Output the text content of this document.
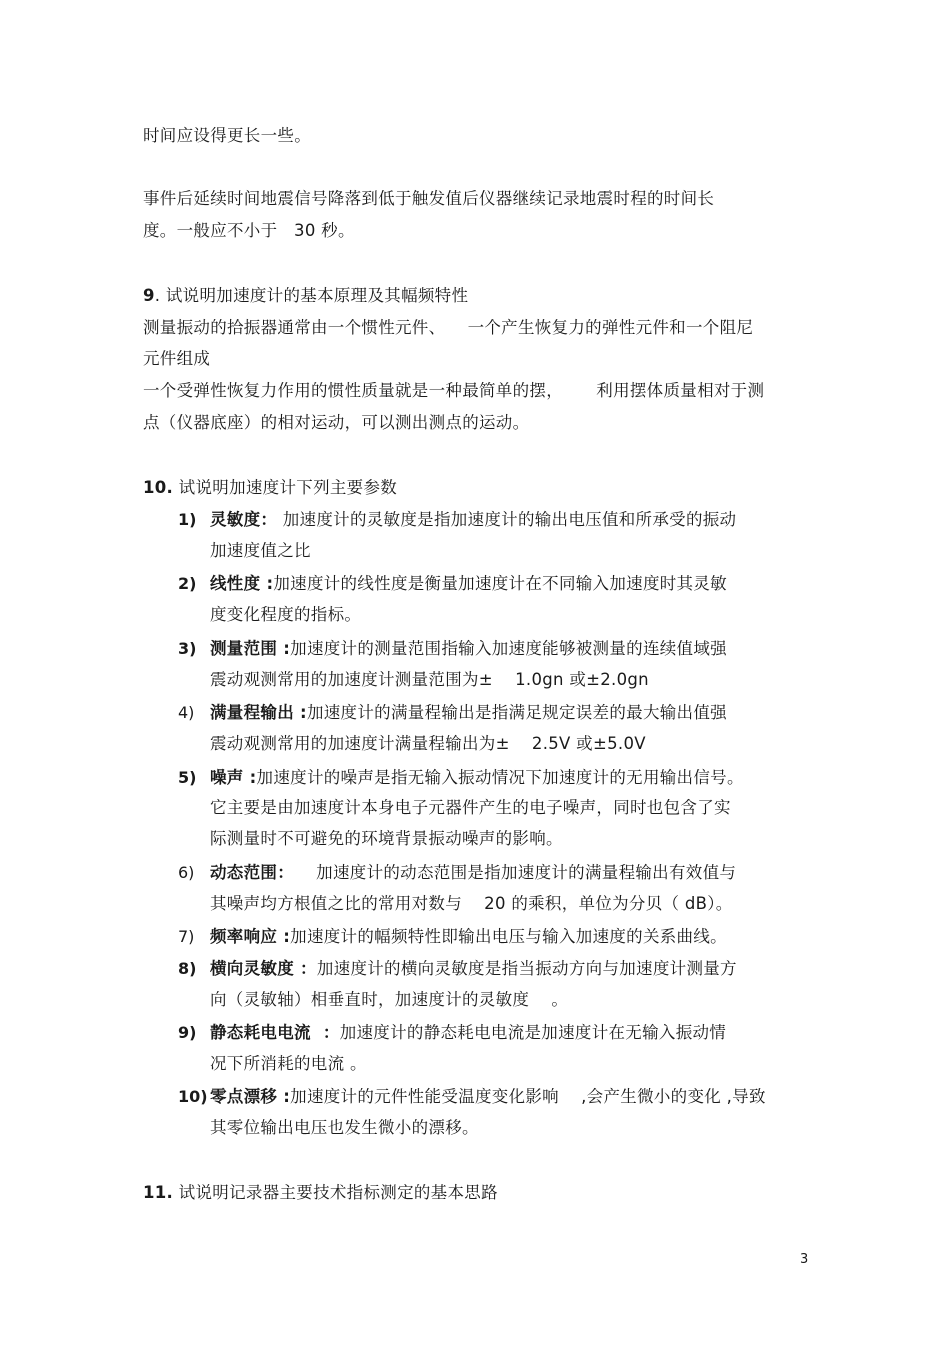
时间应设得更长一些。
事件后延续时间地震信号降落到低于触发值后仪器继续记录地震时程的时间长
度。一般应不小于   30 秒。
9. 试说明加速度计的基本原理及其幅频特性
测量振动的拾振器通常由一个惯性元件、    一个产生恢复力的弹性元件和一个阻尼
元件组成
一个受弹性恢复力作用的惯性质量就是一种最简单的摆，      利用摆体质量相对于测
点（仪器底座）的相对运动，可以测出测点的运动。
10. 试说明加速度计下列主要参数
1) 灵敏度： 加速度计的灵敏度是指加速度计的输出电压值和所承受的振动
加速度值之比
2) 线性度 :加速度计的线性度是衡量加速度计在不同输入加速度时其灵敏
度变化程度的指标。
3) 测量范围 :加速度计的测量范围指输入加速度能够被测量的连续值域强
震动观测常用的加速度计测量范围为±    1.0gn 或±2.0gn
4) 满量程输出 :加速度计的满量程输出是指满足规定误差的最大输出值强
震动观测常用的加速度计满量程输出为±    2.5V 或±5.0V
5) 噪声 :加速度计的噪声是指无输入振动情况下加速度计的无用输出信号。
它主要是由加速度计本身电子元器件产生的电子噪声，同时也包含了实
际测量时不可避免的环境背景振动噪声的影响。
6) 动态范围：    加速度计的动态范围是指加速度计的满量程输出有效值与
其噪声均方根值之比的常用对数与    20 的乘积，单位为分贝（ dB）。
7) 频率响应 :加速度计的幅频特性即输出电压与输入加速度的关系曲线。
8) 横向灵敏度 ：加速度计的横向灵敏度是指当振动方向与加速度计测量方
向（灵敏轴）相垂直时，加速度计的灵敏度    。
9) 静态耗电电流  ：加速度计的静态耗电电流是加速度计在无输入振动情
况下所消耗的电流 。
10) 零点漂移 :加速度计的元件性能受温度变化影响    ,会产生微小的变化 ,导致
其零位输出电压也发生微小的漂移。
11. 试说明记录器主要技术指标测定的基本思路
3
